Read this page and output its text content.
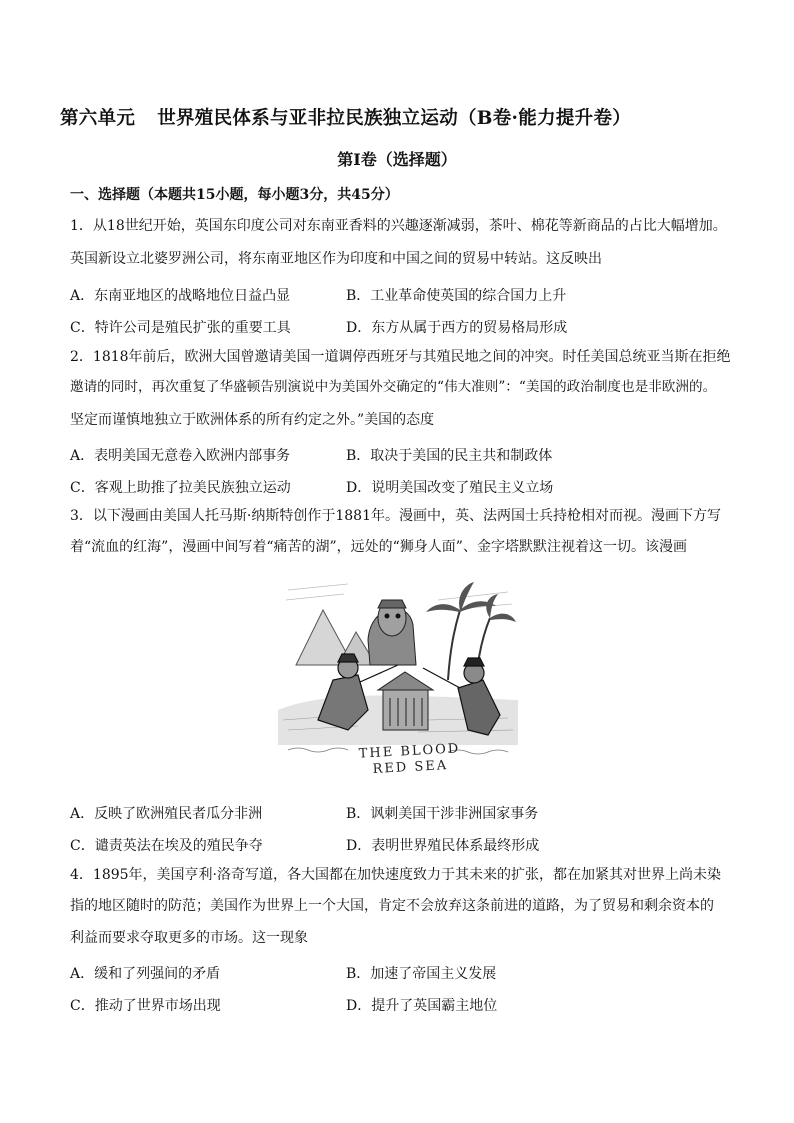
第六单元 世界殖民体系与亚非拉民族独立运动（B卷·能力提升卷）
第Ⅰ卷（选择题）
一、选择题（本题共15小题，每小题3分，共45分）
1．从18世纪开始，英国东印度公司对东南亚香料的兴趣逐渐减弱，茶叶、棉花等新商品的占比大幅增加。
英国新设立北婆罗洲公司，将东南亚地区作为印度和中国之间的贸易中转站。这反映出
A．东南亚地区的战略地位日益凸显	B．工业革命使英国的综合国力上升
C．特许公司是殖民扩张的重要工具	D．东方从属于西方的贸易格局形成
2．1818年前后，欧洲大国曾邀请美国一道调停西班牙与其殖民地之间的冲突。时任美国总统亚当斯在拒绝
邀请的同时，再次重复了华盛顿告别演说中为美国外交确定的“伟大准则”：“美国的政治制度也是非欧洲的。
坚定而谨慎地独立于欧洲体系的所有约定之外。”美国的态度
A．表明美国无意卷入欧洲内部事务	B．取决于美国的民主共和制政体
C．客观上助推了拉美民族独立运动	D．说明美国改变了殖民主义立场
3．以下漫画由美国人托马斯·纳斯特创作于1881年。漫画中，英、法两国士兵持枪相对而视。漫画下方写
着“流血的红海”，漫画中间写着“痛苦的湖”，远处的“狮身人面”、金字塔默默注视着这一切。该漫画
THE BLOOD RED SEA
A．反映了欧洲殖民者瓜分非洲	B．讽刺美国干涉非洲国家事务
C．谴责英法在埃及的殖民争夺	D．表明世界殖民体系最终形成
4．1895年，美国亨利·洛奇写道，各大国都在加快速度致力于其未来的扩张，都在加紧其对世界上尚未染
指的地区随时的防范；美国作为世界上一个大国，肯定不会放弃这条前进的道路，为了贸易和剩余资本的
利益而要求夺取更多的市场。这一现象
A．缓和了列强间的矛盾	B．加速了帝国主义发展
C．推动了世界市场出现	D．提升了英国霸主地位
